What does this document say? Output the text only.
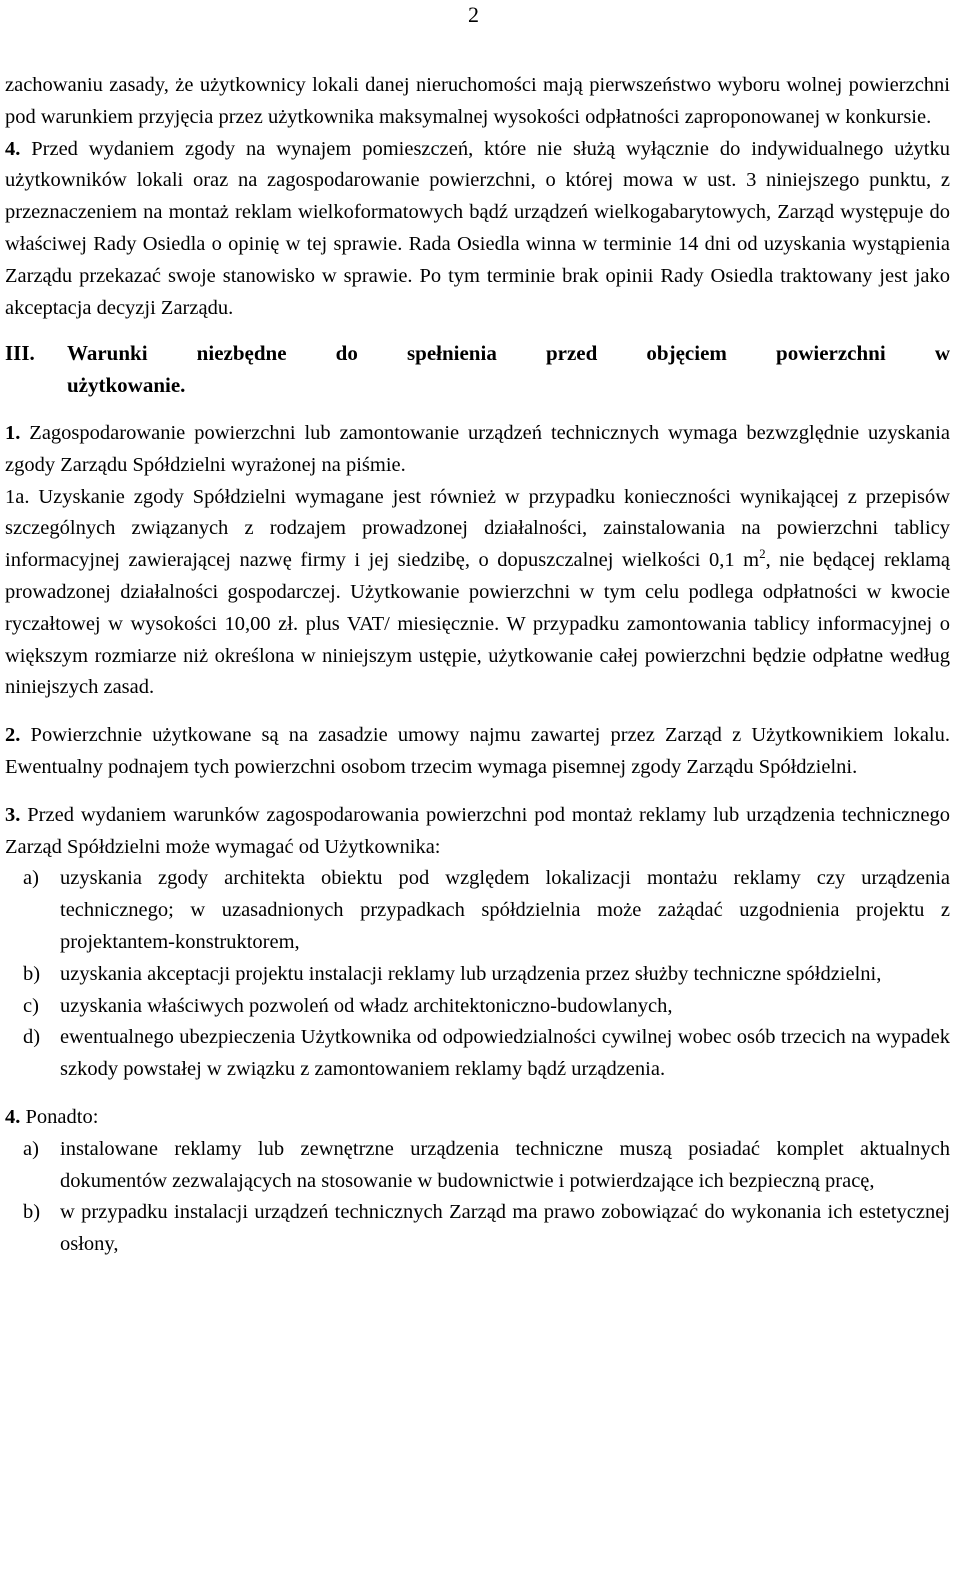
2

zachowaniu zasady, że użytkownicy lokali danej nieruchomości mają pierwszeństwo wyboru wolnej powierzchni pod warunkiem przyjęcia przez użytkownika maksymalnej wysokości odpłatności zaproponowanej w konkursie.

4. Przed wydaniem zgody na wynajem pomieszczeń, które nie służą wyłącznie do indywidualnego użytku użytkowników lokali oraz na zagospodarowanie powierzchni, o której mowa w ust. 3 niniejszego punktu, z przeznaczeniem na montaż reklam wielkoformatowych bądź urządzeń wielkogabarytowych, Zarząd występuje do właściwej Rady Osiedla o opinię w tej sprawie. Rada Osiedla winna w terminie 14 dni od uzyskania wystąpienia Zarządu przekazać swoje stanowisko w sprawie. Po tym terminie brak opinii Rady Osiedla traktowany jest jako akceptacja decyzji Zarządu.

III.	Warunki niezbędne do spełnienia przed objęciem powierzchni w
użytkowanie.

1. Zagospodarowanie powierzchni lub zamontowanie urządzeń technicznych wymaga bezwzględnie uzyskania zgody Zarządu Spółdzielni wyrażonej na piśmie.

1a. Uzyskanie zgody Spółdzielni wymagane jest również w przypadku konieczności wynikającej z przepisów szczególnych związanych z rodzajem prowadzonej działalności, zainstalowania na powierzchni tablicy informacyjnej zawierającej nazwę firmy i jej siedzibę, o dopuszczalnej wielkości 0,1 $m^2$, nie będącej reklamą prowadzonej działalności gospodarczej. Użytkowanie powierzchni w tym celu podlega odpłatności w kwocie ryczałtowej w wysokości 10,00 zł. plus VAT/ miesięcznie. W przypadku zamontowania tablicy informacyjnej o większym rozmiarze niż określona w niniejszym ustępie, użytkowanie całej powierzchni będzie odpłatne według niniejszych zasad.

2. Powierzchnie użytkowane są na zasadzie umowy najmu zawartej przez Zarząd z Użytkownikiem lokalu. Ewentualny podnajem tych powierzchni osobom trzecim wymaga pisemnej zgody Zarządu Spółdzielni.

3. Przed wydaniem warunków zagospodarowania powierzchni pod montaż reklamy lub urządzenia technicznego Zarząd Spółdzielni może wymagać od Użytkownika:

a)	uzyskania zgody architekta obiektu pod względem lokalizacji montażu reklamy czy urządzenia technicznego; w uzasadnionych przypadkach spółdzielnia może zażądać uzgodnienia projektu z projektantem-konstruktorem,
b) uzyskania akceptacji projektu instalacji reklamy lub urządzenia przez służby techniczne spółdzielni,
c)	uzyskania właściwych pozwoleń od władz architektoniczno-budowlanych,
d) ewentualnego ubezpieczenia Użytkownika od odpowiedzialności cywilnej wobec osób trzecich na wypadek szkody powstałej w związku z zamontowaniem reklamy bądź urządzenia.

4. Ponadto:

a)	instalowane reklamy lub zewnętrzne urządzenia techniczne muszą posiadać komplet aktualnych dokumentów zezwalających na stosowanie w budownictwie i potwierdzające ich bezpieczną pracę,
b) w przypadku instalacji urządzeń technicznych Zarząd ma prawo zobowiązać do wykonania ich estetycznej osłony,
